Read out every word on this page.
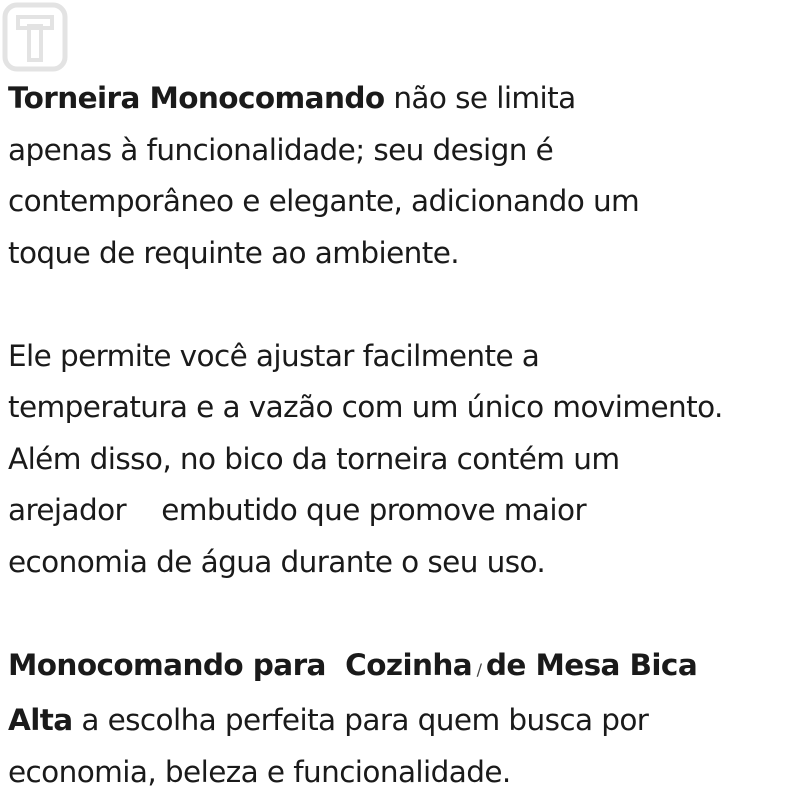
Torneira Monocomando não se limita
apenas à funcionalidade; seu design é
contemporâneo e elegante, adicionando um
toque de requinte ao ambiente.

Ele permite você ajustar facilmente a
temperatura e a vazão com um único movimento.
Além disso, no bico da torneira contém um
arejador    embutido que promove maior
economia de água durante o seu uso.

Monocomando para  Cozinha / de Mesa Bica
Alta a escolha perfeita para quem busca por
economia, beleza e funcionalidade.
